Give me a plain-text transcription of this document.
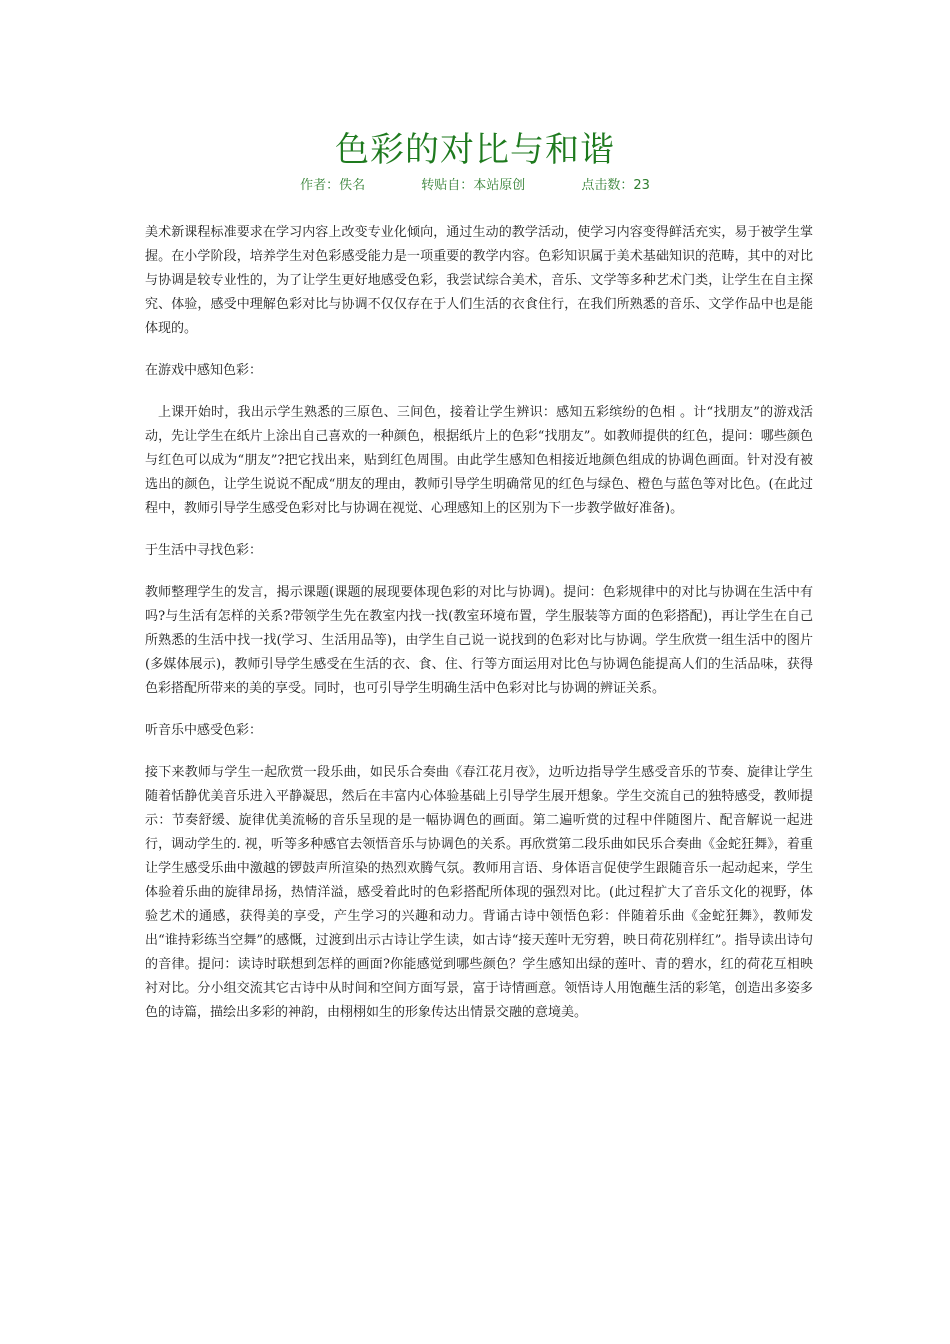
色彩的对比与和谐
作者：佚名	转贴自：本站原创	点击数：23

美术新课程标准要求在学习内容上改变专业化倾向，通过生动的教学活动，使学习内容变得鲜活充实，易于被学生掌握。在小学阶段，培养学生对色彩感受能力是一项重要的教学内容。色彩知识属于美术基础知识的范畴，其中的对比与协调是较专业性的，为了让学生更好地感受色彩，我尝试综合美术，音乐、文学等多种艺术门类，让学生在自主探究、体验，感受中理解色彩对比与协调不仅仅存在于人们生活的衣食住行，在我们所熟悉的音乐、文学作品中也是能体现的。

在游戏中感知色彩：

上课开始时，我出示学生熟悉的三原色、三间色，接着让学生辨识：感知五彩缤纷的色相 。计“找朋友”的游戏活动，先让学生在纸片上涂出自己喜欢的一种颜色，根据纸片上的色彩“找朋友”。如教师提供的红色，提问：哪些颜色与红色可以成为“朋友”?把它找出来，贴到红色周围。由此学生感知色相接近地颜色组成的协调色画面。针对没有被选出的颜色，让学生说说不配成“朋友的理由，教师引导学生明确常见的红色与绿色、橙色与蓝色等对比色。(在此过程中，教师引导学生感受色彩对比与协调在视觉、心理感知上的区别为下一步教学做好准备)。

于生活中寻找色彩：

教师整理学生的发言，揭示课题(课题的展现要体现色彩的对比与协调)。提问：色彩规律中的对比与协调在生活中有吗?与生活有怎样的关系?带领学生先在教室内找一找(教室环境布置，学生服装等方面的色彩搭配)，再让学生在自己所熟悉的生活中找一找(学习、生活用品等)，由学生自己说一说找到的色彩对比与协调。学生欣赏一组生活中的图片(多媒体展示)，教师引导学生感受在生活的衣、食、住、行等方面运用对比色与协调色能提高人们的生活品味，获得色彩搭配所带来的美的享受。同时，也可引导学生明确生活中色彩对比与协调的辨证关系。

听音乐中感受色彩：

接下来教师与学生一起欣赏一段乐曲，如民乐合奏曲《春江花月夜》，边听边指导学生感受音乐的节奏、旋律让学生随着恬静优美音乐进入平静凝思，然后在丰富内心体验基础上引导学生展开想象。学生交流自己的独特感受，教师提示：节奏舒缓、旋律优美流畅的音乐呈现的是一幅协调色的画面。第二遍听赏的过程中伴随图片、配音解说一起进行，调动学生的. 视，听等多种感官去领悟音乐与协调色的关系。再欣赏第二段乐曲如民乐合奏曲《金蛇狂舞》，着重让学生感受乐曲中激越的锣鼓声所渲染的热烈欢腾气氛。教师用言语、身体语言促使学生跟随音乐一起动起来，学生体验着乐曲的旋律昂扬，热情洋溢，感受着此时的色彩搭配所体现的强烈对比。(此过程扩大了音乐文化的视野，体验艺术的通感，获得美的享受，产生学习的兴趣和动力。背诵古诗中领悟色彩：伴随着乐曲《金蛇狂舞》，教师发出“谁持彩练当空舞”的感慨，过渡到出示古诗让学生读，如古诗“接天莲叶无穷碧，映日荷花别样红”。指导读出诗句的音律。提问：读诗时联想到怎样的画面?你能感觉到哪些颜色？学生感知出绿的莲叶、青的碧水，红的荷花互相映衬对比。分小组交流其它古诗中从时间和空间方面写景，富于诗情画意。领悟诗人用饱蘸生活的彩笔，创造出多姿多色的诗篇，描绘出多彩的神韵，由栩栩如生的形象传达出情景交融的意境美。
